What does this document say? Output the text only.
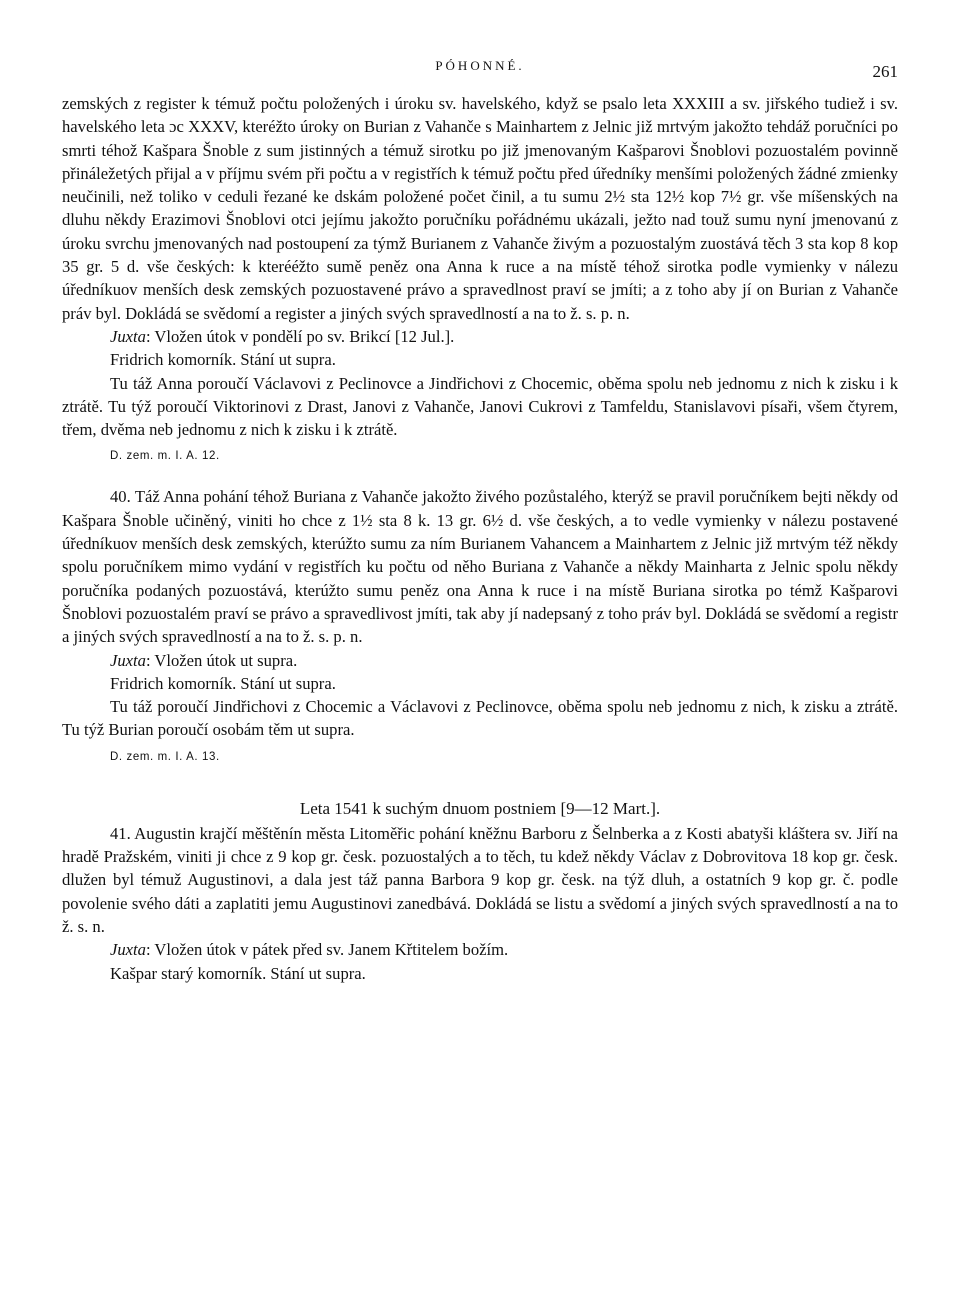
PÓHONNÉ.	261

zemských z register k témuž počtu položených i úroku sv. havelského, když se psalo leta XXXIII a sv. jiřského tudiež i sv. havelského leta ɔc XXXV, kteréžto úroky on Burian z Vahanče s Mainhartem z Jelnic již mrtvým jakožto tehdáž poručníci po smrti téhož Kašpara Šnoble z sum jistinných a témuž sirotku po již jmenovaným Kašparovi Šnoblovi pozuostalém povinně přináležetých přijal a v příjmu svém při počtu a v registřích k témuž počtu před úředníky menšími položených žádné zmienky neučinili, než toliko v ceduli řezané ke dskám položené počet činil, a tu sumu 2½ sta 12½ kop 7½ gr. vše míšenských na dluhu někdy Erazimovi Šnoblovi otci jejímu jakožto poručníku pořádnému ukázali, ježto nad touž sumu nyní jmenovanú z úroku svrchu jmenovaných nad postoupení za týmž Burianem z Vahanče živým a pozuostalým zuostává těch 3 sta kop 8 kop 35 gr. 5 d. vše českých: k kterééžto sumě peněz ona Anna k ruce a na místě téhož sirotka podle vymienky v nálezu úředníkuov menších desk zemských pozuostavené právo a spravedlnost praví se jmíti; a z toho aby jí on Burian z Vahanče práv byl. Dokládá se svědomí a register a jiných svých spravedlností a na to ž. s. p. n.

Juxta: Vložen útok v pondělí po sv. Brikcí [12 Jul.].

Fridrich komorník. Stání ut supra.

Tu táž Anna poroučí Václavovi z Peclinovce a Jindřichovi z Chocemic, oběma spolu neb jednomu z nich k zisku i k ztrátě. Tu týž poroučí Viktorinovi z Drast, Janovi z Vahanče, Janovi Cukrovi z Tamfeldu, Stanislavovi písaři, všem čtyrem, třem, dvěma neb jednomu z nich k zisku i k ztrátě.

D. zem. m. I. A. 12.

40. Táž Anna pohání téhož Buriana z Vahanče jakožto živého pozůstalého, kterýž se pravil poručníkem bejti někdy od Kašpara Šnoble učiněný, viniti ho chce z 1½ sta 8 k. 13 gr. 6½ d. vše českých, a to vedle vymienky v nálezu postavené úředníkuov menších desk zemských, kterúžto sumu za ním Burianem Vahancem a Mainhartem z Jelnic již mrtvým též někdy spolu poručníkem mimo vydání v registřích ku počtu od něho Buriana z Vahanče a někdy Mainharta z Jelnic spolu někdy poručníka podaných pozuostává, kterúžto sumu peněz ona Anna k ruce i na místě Buriana sirotka po témž Kašparovi Šnoblovi pozuostalém praví se právo a spravedlivost jmíti, tak aby jí nadepsaný z toho práv byl. Dokládá se svědomí a registr a jiných svých spravedlností a na to ž. s. p. n.

Juxta: Vložen útok ut supra.

Fridrich komorník. Stání ut supra.

Tu táž poroučí Jindřichovi z Chocemic a Václavovi z Peclinovce, oběma spolu neb jednomu z nich, k zisku a ztrátě. Tu týž Burian poroučí osobám těm ut supra.

D. zem. m. I. A. 13.
Leta 1541 k suchým dnuom postniem [9—12 Mart.].

41. Augustin krajčí měštěnín města Litoměřic pohání kněžnu Barboru z Šelnberka a z Kosti abatyši kláštera sv. Jiří na hradě Pražském, viniti ji chce z 9 kop gr. česk. pozuostalých a to těch, tu kdež někdy Václav z Dobrovitova 18 kop gr. česk. dlužen byl témuž Augustinovi, a dala jest táž panna Barbora 9 kop gr. česk. na týž dluh, a ostatních 9 kop gr. č. podle povolenie svého dáti a zaplatiti jemu Augustinovi zanedbává. Dokládá se listu a svědomí a jiných svých spravedlností a na to ž. s. n.

Juxta: Vložen útok v pátek před sv. Janem Křtitelem božím.

Kašpar starý komorník. Stání ut supra.
